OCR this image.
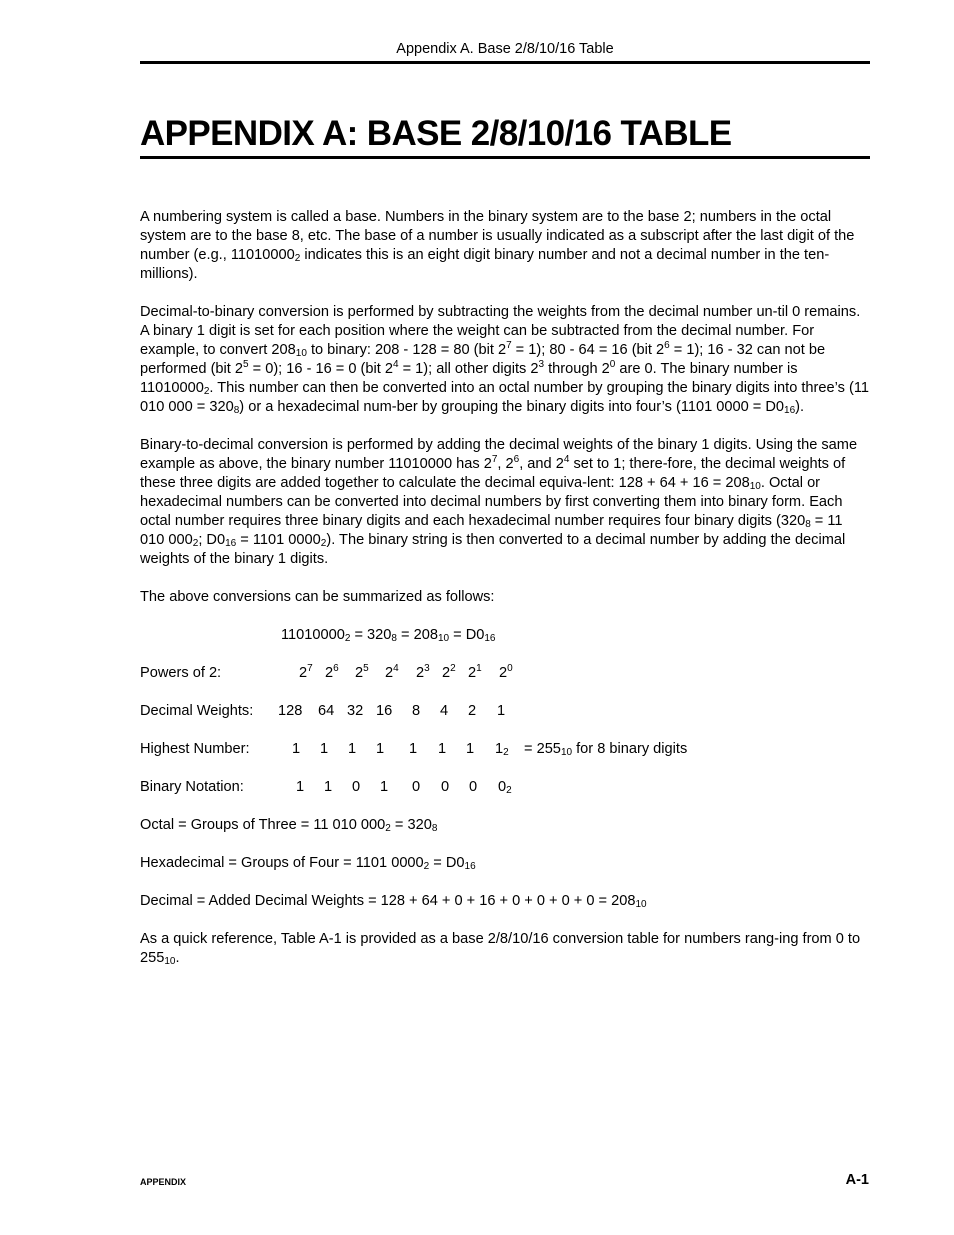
Appendix A. Base 2/8/10/16 Table
APPENDIX A: BASE 2/8/10/16 TABLE

A numbering system is called a base. Numbers in the binary system are to the base 2; numbers in the octal system are to the base 8, etc. The base of a number is usually indicated as a subscript after the last digit of the number (e.g., $11010000_2$ indicates this is an eight digit binary number and not a decimal number in the ten-millions).

Decimal-to-binary conversion is performed by subtracting the weights from the decimal number un-til 0 remains. A binary 1 digit is set for each position where the weight can be subtracted from the decimal number. For example, to convert $208_{10}$ to binary: 208 - 128 = 80 (bit $2^7 = 1$); 80 - 64 = 16 (bit $2^6 = 1$); 16 - 32 can not be performed (bit $2^5 = 0$); 16 - 16 = 0 (bit $2^4 = 1$); all other digits $2^3$ through $2^0$ are 0. The binary number is $11010000_2$. This number can then be converted into an octal number by grouping the binary digits into three’s (11 010 $000 = 320_8$) or a hexadecimal num-ber by grouping the binary digits into four’s (1101 $0000 = D0_{16}$).

Binary-to-decimal conversion is performed by adding the decimal weights of the binary 1 digits. Using the same example as above, the binary number 11010000 has $2^7$, $2^6$, and $2^4$ set to 1; there-fore, the decimal weights of these three digits are added together to calculate the decimal equiva-lent: $128 + 64 + 16 = 208_{10}$. Octal or hexadecimal numbers can be converted into decimal numbers by first converting them into binary form. Each octal number requires three binary digits and each hexadecimal number requires four binary digits ($320_8 = 11$ 010 $000_2$; $D0_{16} = 1101$ $0000_2$). The binary string is then converted to a decimal number by adding the decimal weights of the binary 1 digits.

The above conversions can be summarized as follows:

$11010000_2 = 320_8 = 208_{10} = D0_{16}$
Powers of 2:	$2^7$ $2^6$ $2^5$ $2^4$ $2^3$ $2^2$ $2^1$ $2^0$
Decimal Weights: 128 64 32 16 8 4 2 1
Highest Number:	1 1 1 1 1 1 1 $1_2 = 255_{10}$ for 8 binary digits
Binary Notation:	1 1 0 1 0 0 0 $0_2$

Octal = Groups of Three = 11 010 $000_2 = 320_8$

Hexadecimal = Groups of Four = 1101 $0000_2 = D0_{16}$

Decimal = Added Decimal Weights = $128 + 64 + 0 + 16 + 0 + 0 + 0 + 0 = 208_{10}$

As a quick reference, Table A-1 is provided as a base 2/8/10/16 conversion table for numbers rang-ing from 0 to $255_{10}$.

APPENDIX	A-1
